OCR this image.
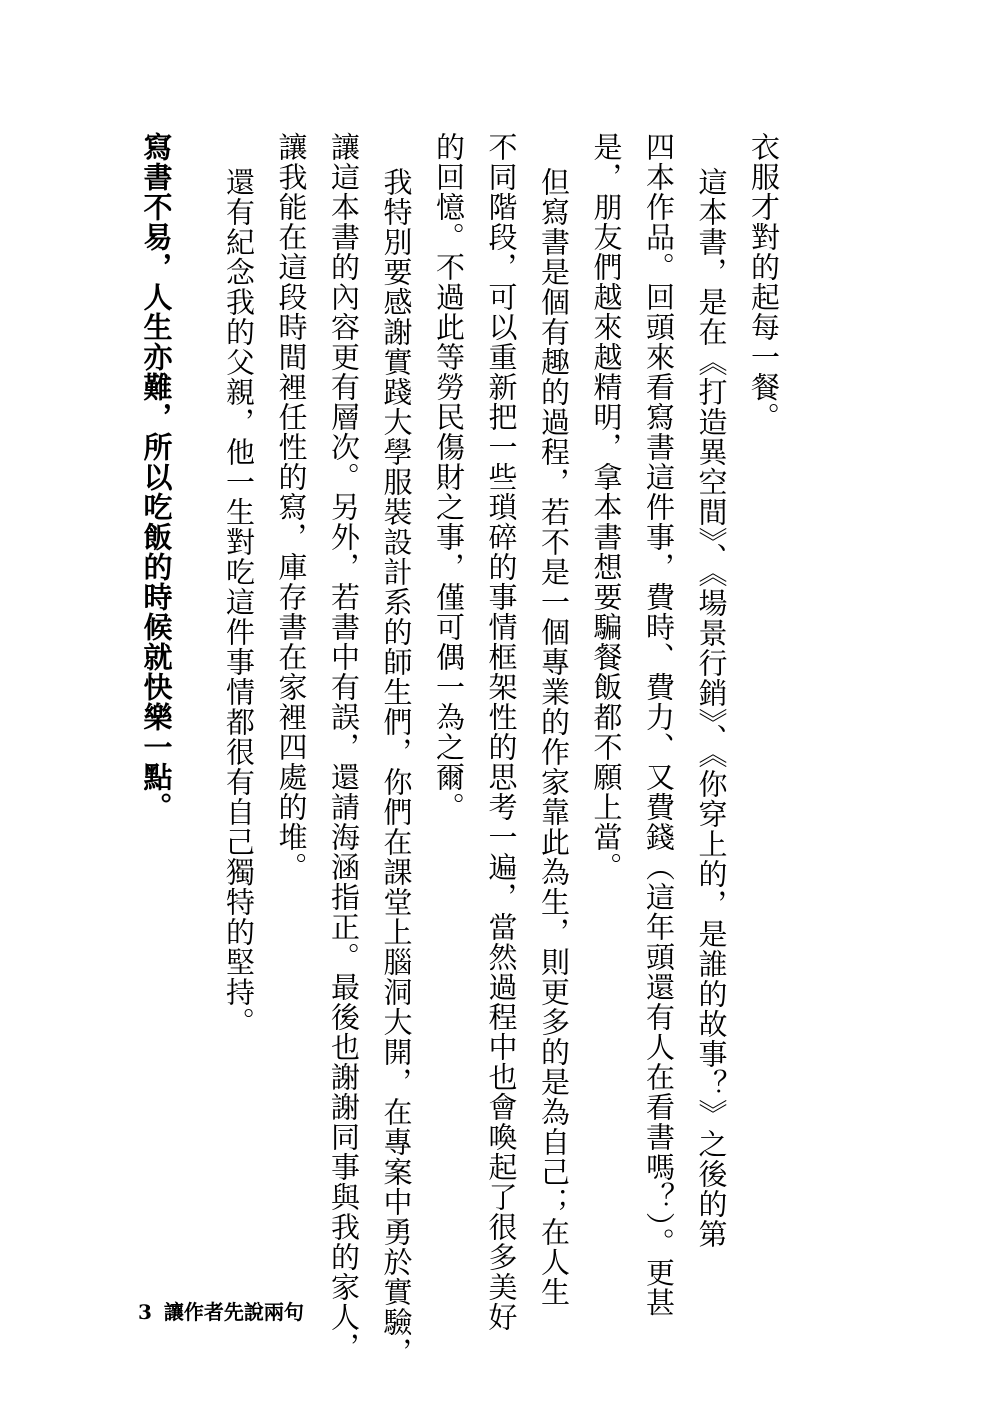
衣服才對的起每一餐。
這本書，是在《打造異空間》、《場景行銷》、《你穿上的，是誰的故事？》之後的第
四本作品。回頭來看寫書這件事，費時、費力、又費錢（這年頭還有人在看書嗎？）。更甚
是，朋友們越來越精明，拿本書想要騙餐飯都不願上當。
但寫書是個有趣的過程，若不是一個專業的作家靠此為生，則更多的是為自己；在人生
不同階段，可以重新把一些瑣碎的事情框架性的思考一遍，當然過程中也會喚起了很多美好
的回憶。不過此等勞民傷財之事，僅可偶一為之爾。
我特別要感謝實踐大學服裝設計系的師生們，你們在課堂上腦洞大開，在專案中勇於實驗，
讓這本書的內容更有層次。另外，若書中有誤，還請海涵指正。最後也謝謝同事與我的家人，
讓我能在這段時間裡任性的寫，庫存書在家裡四處的堆。
還有紀念我的父親，他一生對吃這件事情都很有自己獨特的堅持。
寫書不易，人生亦難，所以吃飯的時候就快樂一點。
3 讓作者先說兩句
